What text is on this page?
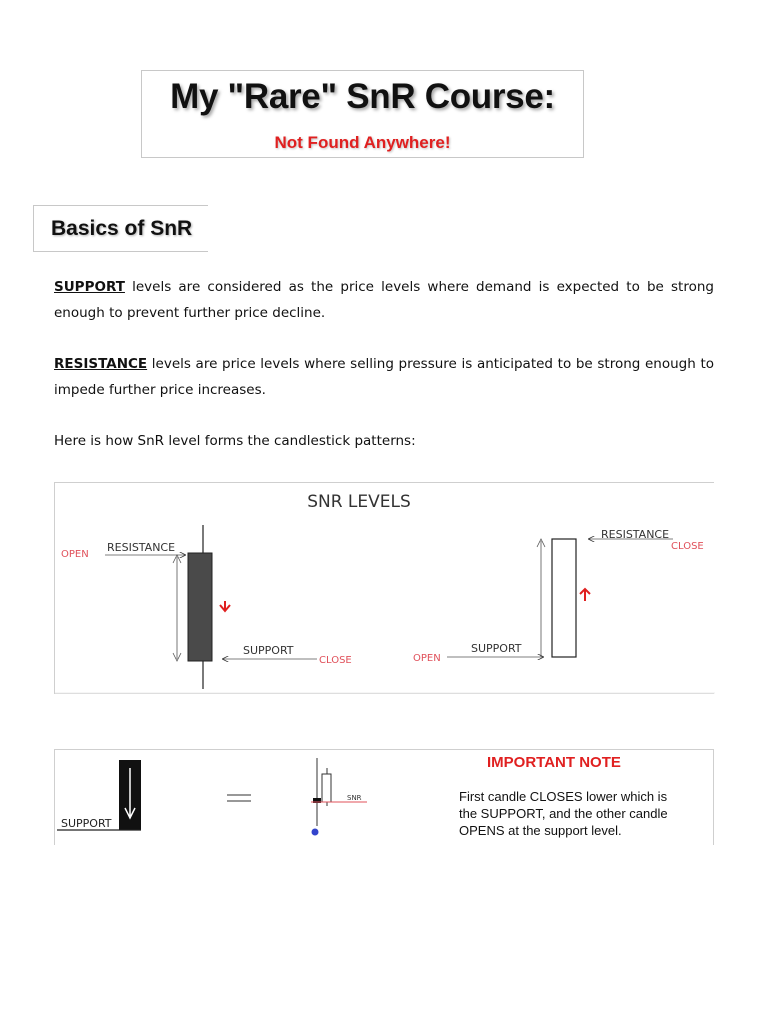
My "Rare" SnR Course:
Not Found Anywhere!
Basics of SnR
SUPPORT levels are considered as the price levels where demand is expected to be strong enough to prevent further price decline.
RESISTANCE levels are price levels where selling pressure is anticipated to be strong enough to impede further price increases.
Here is how SnR level forms the candlestick patterns:
SNR LEVELS
OPEN
RESISTANCE
SUPPORT
CLOSE
RESISTANCE
CLOSE
SUPPORT
OPEN
SUPPORT
SNR
IMPORTANT NOTE
First candle CLOSES lower which is
the SUPPORT, and the other candle
OPENS at the support level.
